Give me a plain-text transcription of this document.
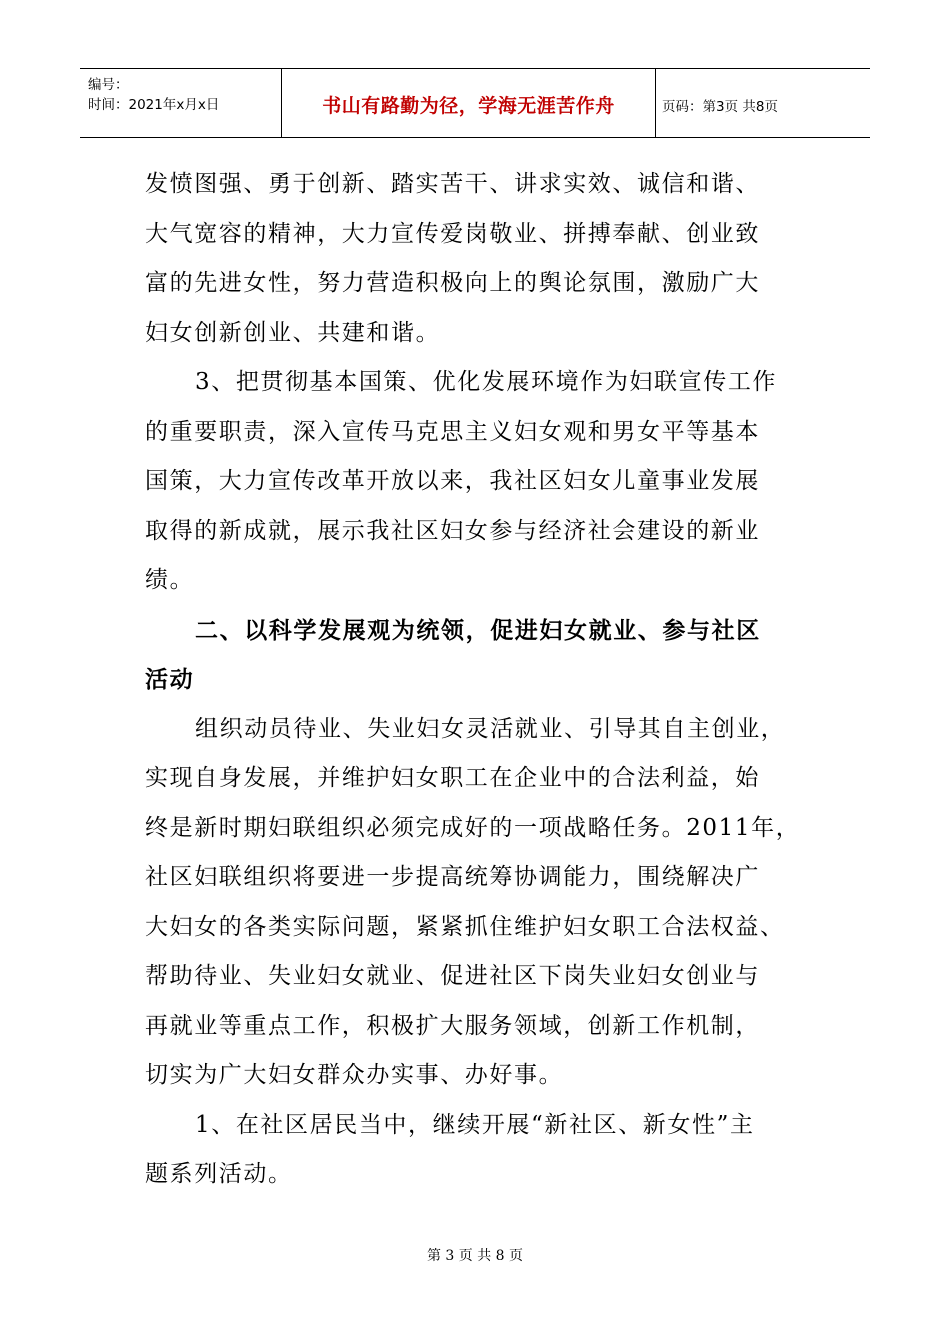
编号：
时间：2021年x月x日	书山有路勤为径，学海无涯苦作舟	页码：第3页 共8页
发愤图强、勇于创新、踏实苦干、讲求实效、诚信和谐、
大气宽容的精神，大力宣传爱岗敬业、拼搏奉献、创业致
富的先进女性，努力营造积极向上的舆论氛围，激励广大
妇女创新创业、共建和谐。
3、把贯彻基本国策、优化发展环境作为妇联宣传工作
的重要职责，深入宣传马克思主义妇女观和男女平等基本
国策，大力宣传改革开放以来，我社区妇女儿童事业发展
取得的新成就，展示我社区妇女参与经济社会建设的新业
绩。
二、以科学发展观为统领，促进妇女就业、参与社区
活动
组织动员待业、失业妇女灵活就业、引导其自主创业，
实现自身发展，并维护妇女职工在企业中的合法利益，始
终是新时期妇联组织必须完成好的一项战略任务。2011年，
社区妇联组织将要进一步提高统筹协调能力，围绕解决广
大妇女的各类实际问题，紧紧抓住维护妇女职工合法权益、
帮助待业、失业妇女就业、促进社区下岗失业妇女创业与
再就业等重点工作，积极扩大服务领域，创新工作机制，
切实为广大妇女群众办实事、办好事。
1、在社区居民当中，继续开展“新社区、新女性”主
题系列活动。
第 3 页 共 8 页
